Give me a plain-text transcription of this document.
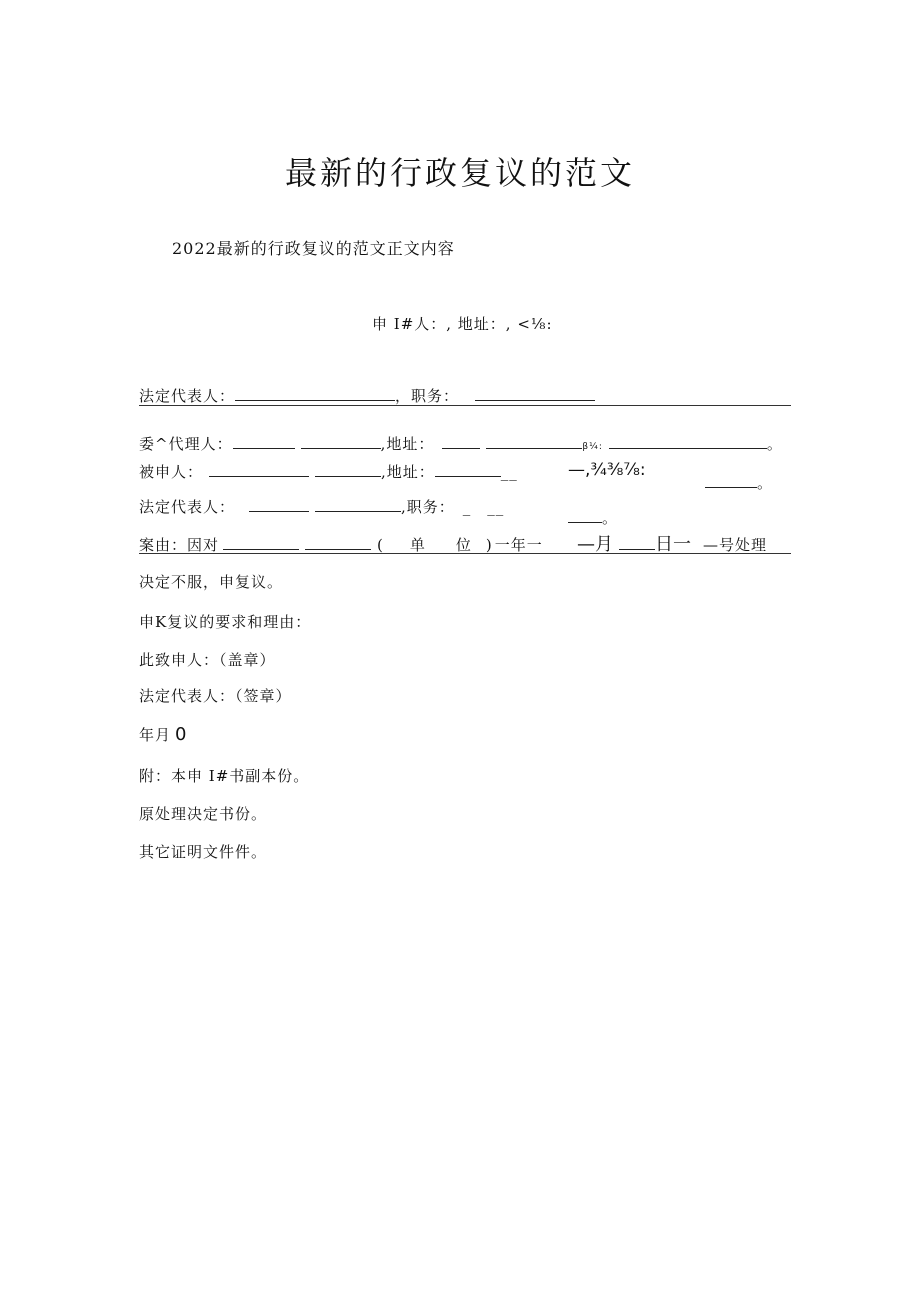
最新的行政复议的范文
2022最新的行政复议的范文正文内容
申 I#人：, 地址：, <⅛:
法定代表人：	，职务：
委^代理人：	,地址：	β¼:	。
被申人：	,地址：	__	—,¾⅜⅞:
。
法定代表人：	,职务： _ __
。
案由：因对	( 单 位 ) 一年一 —月 日一 —号处理
决定不服，申复议。
申K复议的要求和理由：
此致申人：（盖章）
法定代表人：（签章）
年月 0
附：本申 I#书副本份。
原处理决定书份。
其它证明文件件。
